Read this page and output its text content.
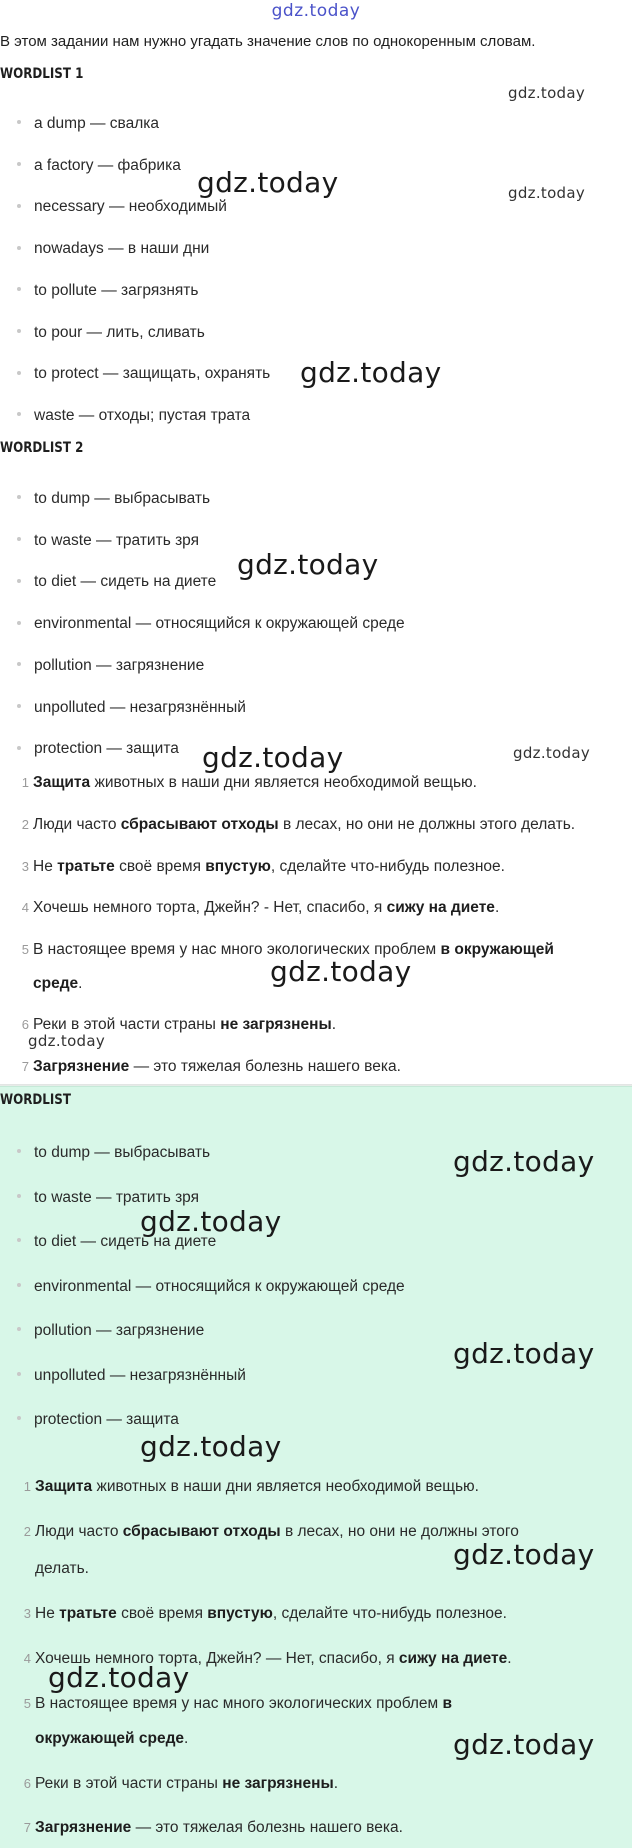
gdz.today
В этом задании нам нужно угадать значение слов по однокоренным словам.
WORDLIST 1
a dump — свалка
a factory — фабрика
necessary — необходимый
nowadays — в наши дни
to pollute — загрязнять
to pour — лить, сливать
to protect — защищать, охранять
waste — отходы; пустая трата
WORDLIST 2
to dump — выбрасывать
to waste — тратить зря
to diet — сидеть на диете
environmental — относящийся к окружающей среде
pollution — загрязнение
unpolluted — незагрязнённый
protection — защита
1 Защита животных в наши дни является необходимой вещью.
2 Люди часто сбрасывают отходы в лесах, но они не должны этого делать.
3 Не тратьте своё время впустую, сделайте что-нибудь полезное.
4 Хочешь немного торта, Джейн? - Нет, спасибо, я сижу на диете.
5 В настоящее время у нас много экологических проблем в окружающей
среде.
6 Реки в этой части страны не загрязнены.
7 Загрязнение — это тяжелая болезнь нашего века.
WORDLIST
to dump — выбрасывать
to waste — тратить зря
to diet — сидеть на диете
environmental — относящийся к окружающей среде
pollution — загрязнение
unpolluted — незагрязнённый
protection — защита
1 Защита животных в наши дни является необходимой вещью.
2 Люди часто сбрасывают отходы в лесах, но они не должны этого
делать.
3 Не тратьте своё время впустую, сделайте что-нибудь полезное.
4 Хочешь немного торта, Джейн? — Нет, спасибо, я сижу на диете.
5 В настоящее время у нас много экологических проблем в
окружающей среде.
6 Реки в этой части страны не загрязнены.
7 Загрязнение — это тяжелая болезнь нашего века.
gdz.today
gdz.today
gdz.today
gdz.today
gdz.today
gdz.today	gdz.today
gdz.today
gdz.today
gdz.today
gdz.today
gdz.today
gdz.today
gdz.today
gdz.today
gdz.today
